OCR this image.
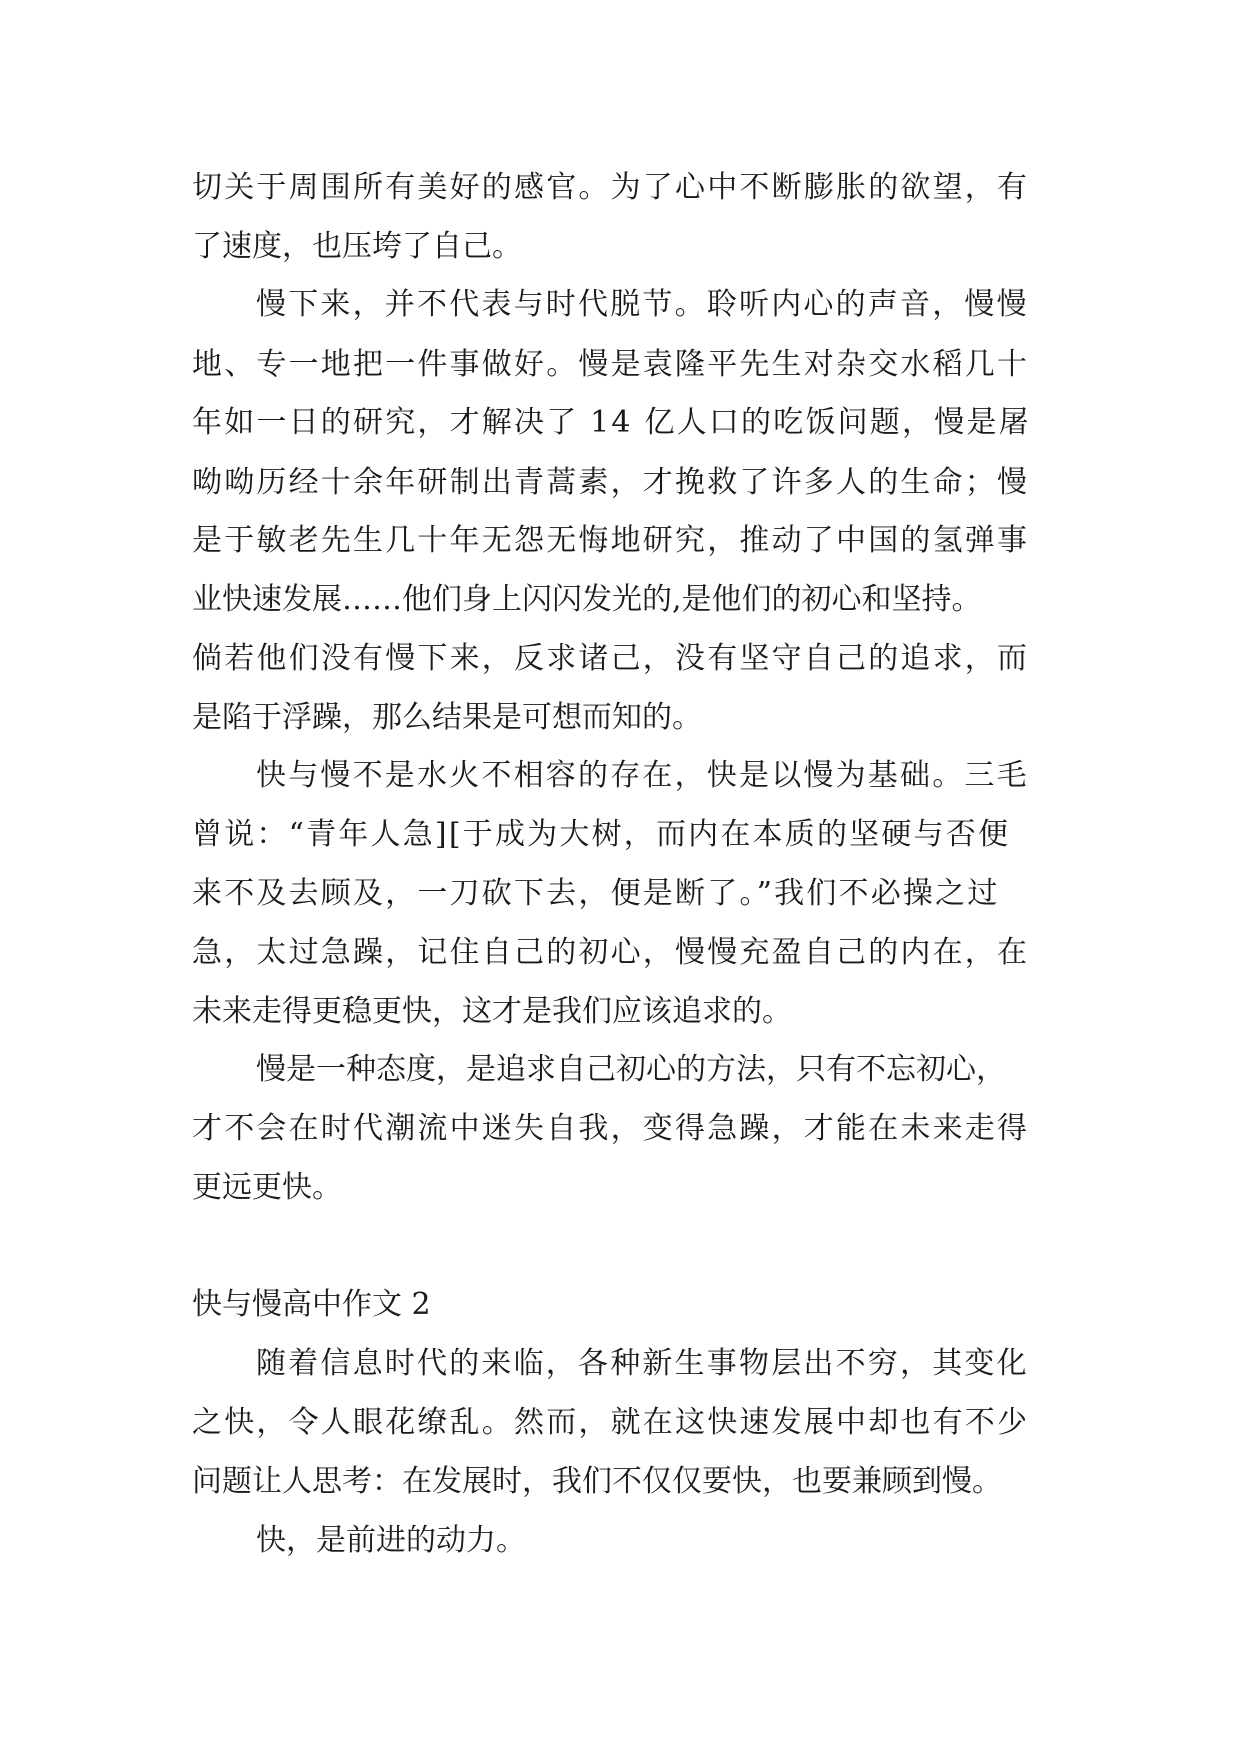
切关于周围所有美好的感官。为了心中不断膨胀的欲望，有
了速度，也压垮了自己。
慢下来，并不代表与时代脱节。聆听内心的声音，慢慢
地、专一地把一件事做好。慢是袁隆平先生对杂交水稻几十
年如一日的研究，才解决了 14 亿人口的吃饭问题，慢是屠
呦呦历经十余年研制出青蒿素，才挽救了许多人的生命；慢
是于敏老先生几十年无怨无悔地研究，推动了中国的氢弹事
业快速发展……他们身上闪闪发光的,是他们的初心和坚持。
倘若他们没有慢下来，反求诸己，没有坚守自己的追求，而
是陷于浮躁，那么结果是可想而知的。
快与慢不是水火不相容的存在，快是以慢为基础。三毛
曾说：“青年人急][于成为大树，而内在本质的坚硬与否便
来不及去顾及，一刀砍下去，便是断了。”我们不必操之过
急，太过急躁，记住自己的初心，慢慢充盈自己的内在，在
未来走得更稳更快，这才是我们应该追求的。
慢是一种态度，是追求自己初心的方法，只有不忘初心，
才不会在时代潮流中迷失自我，变得急躁，才能在未来走得
更远更快。
快与慢高中作文 2
随着信息时代的来临，各种新生事物层出不穷，其变化
之快，令人眼花缭乱。然而，就在这快速发展中却也有不少
问题让人思考：在发展时，我们不仅仅要快，也要兼顾到慢。
快，是前进的动力。
